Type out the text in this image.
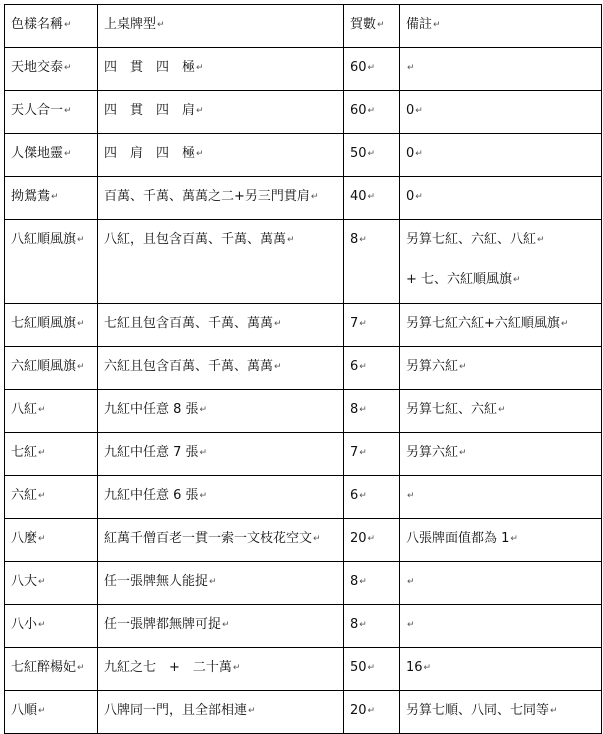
色樣名稱 ↵	上桌牌型 ↵	賀數 ↵	備註 ↵
天地交泰 ↵	四　貫　四　極 ↵	60 ↵	↵
天人合一 ↵	四　貫　四　肩 ↵	60 ↵	0 ↵
人傑地靈 ↵	四　肩　四　極 ↵	50 ↵	0 ↵
拗鴛鴦 ↵	百萬、千萬、萬萬之二+另三門貫肩 ↵	40 ↵	0 ↵
八紅順風旗 ↵	八紅，且包含百萬、千萬、萬萬 ↵	8 ↵	另算七紅、六紅、八紅 ↵
+ 七、六紅順風旗 ↵

七紅順風旗 ↵	七紅且包含百萬、千萬、萬萬 ↵	7 ↵	另算七紅六紅+六紅順風旗 ↵
六紅順風旗 ↵	六紅且包含百萬、千萬、萬萬 ↵	6 ↵	另算六紅 ↵
八紅 ↵	九紅中任意 8 張 ↵	8 ↵	另算七紅、六紅 ↵
七紅 ↵	九紅中任意 7 張 ↵	7 ↵	另算六紅 ↵
六紅 ↵	九紅中任意 6 張 ↵	6 ↵	↵
八麼 ↵	紅萬千僧百老一貫一索一文枝花空文 ↵	20 ↵	八張牌面值都為 1 ↵
八大 ↵	任一張牌無人能捉 ↵	8 ↵	↵
八小 ↵	任一張牌都無牌可捉 ↵	8 ↵	↵
七紅醉楊妃 ↵	九紅之七　+　二十萬 ↵	50 ↵	16 ↵
八順 ↵	八牌同一門，且全部相連 ↵	20 ↵	另算七順、八同、七同等 ↵
